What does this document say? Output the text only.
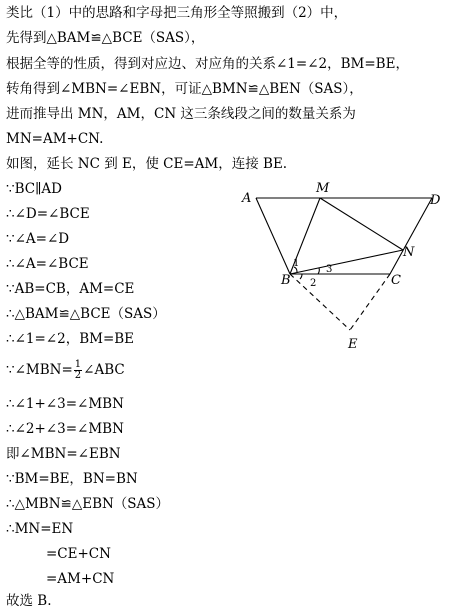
类比（1）中的思路和字母把三角形全等照搬到（2）中，
先得到△BAM≌△BCE（SAS），
根据全等的性质，得到对应边、对应角的关系∠1=∠2，BM=BE，
转角得到∠MBN=∠EBN，可证△BMN≌△BEN（SAS），
进而推导出 MN，AM，CN 这三条线段之间的数量关系为
MN=AM+CN.
如图，延长 NC 到 E，使 CE=AM，连接 BE.
∵BC∥AD
∴∠D=∠BCE
∵∠A=∠D
∴∠A=∠BCE
∵AB=CB，AM=CE
∴△BAM≌△BCE（SAS）
∴∠1=∠2，BM=BE
∵∠MBN= $\frac{1}{2}$ ∠ABC
∴∠1+∠3=∠MBN
∴∠2+∠3=∠MBN
即∠MBN=∠EBN
∵BM=BE，BN=BN
∴△MBN≌△EBN（SAS）
∴MN=EN
=CE+CN
=AM+CN
故选 B.
A
M
D
N
B	C
E
1
2
3
